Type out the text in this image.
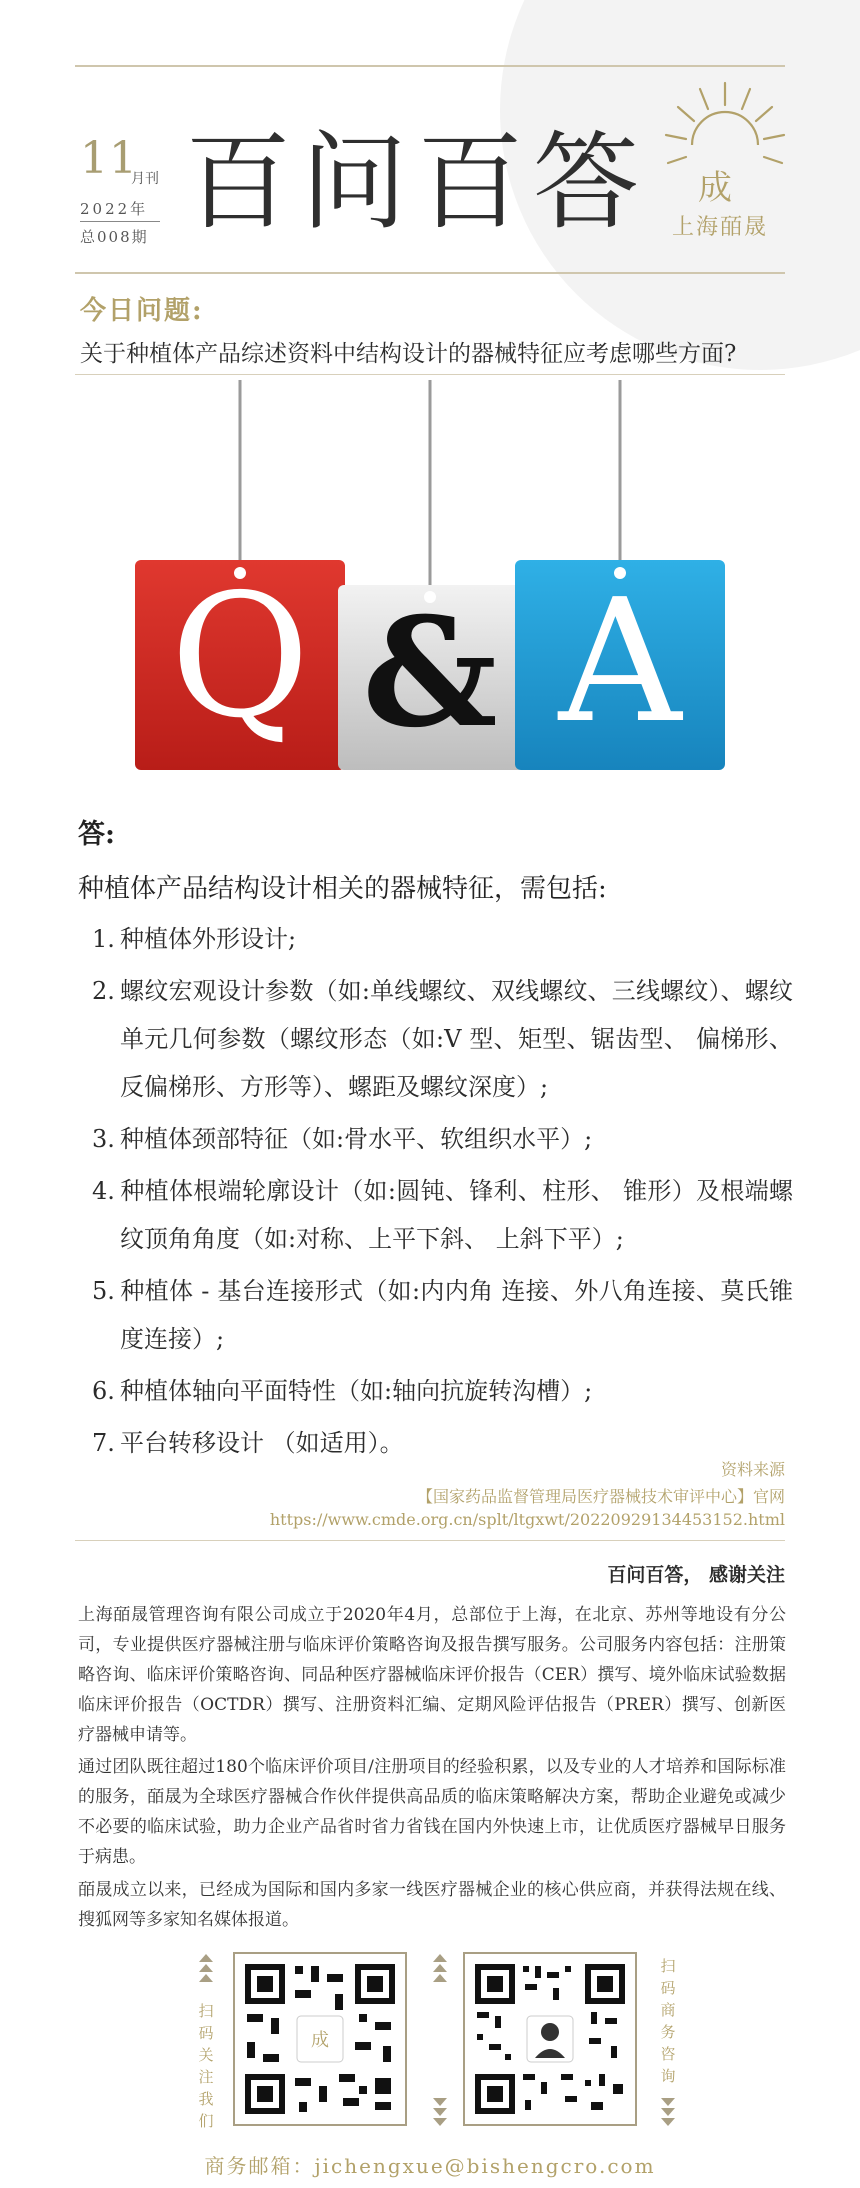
11
月刊
2022年
总008期 百问百答 成
上海皕晟
今日问题:
关于种植体产品综述资料中结构设计的器械特征应考虑哪些方面?
Q & A
答:
种植体产品结构设计相关的器械特征，需包括:
1. 种植体外形设计;
2. 螺纹宏观设计参数（如:单线螺纹、双线螺纹、三线螺纹）、螺纹单元几何参数（螺纹形态（如:V 型、矩型、锯齿型、 偏梯形、反偏梯形、方形等）、螺距及螺纹深度）;
3. 种植体颈部特征（如:骨水平、软组织水平）;
4. 种植体根端轮廓设计（如:圆钝、锋利、柱形、 锥形）及根端螺纹顶角角度（如:对称、上平下斜、 上斜下平）;
5. 种植体 - 基台连接形式（如:内内角 连接、外八角连接、莫氏锥度连接）;
6. 种植体轴向平面特性（如:轴向抗旋转沟槽）;
7. 平台转移设计 （如适用）。
资料来源
【国家药品监督管理局医疗器械技术审评中心】官网
https://www.cmde.org.cn/splt/ltgxwt/20220929134453152.html
百问百答， 感谢关注
上海皕晟管理咨询有限公司成立于2020年4月，总部位于上海，在北京、苏州等地设有分公司，专业提供医疗器械注册与临床评价策略咨询及报告撰写服务。公司服务内容包括：注册策略咨询、临床评价策略咨询、同品种医疗器械临床评价报告（CER）撰写、境外临床试验数据临床评价报告（OCTDR）撰写、注册资料汇编、定期风险评估报告（PRER）撰写、创新医疗器械申请等。
通过团队既往超过180个临床评价项目/注册项目的经验积累，以及专业的人才培养和国际标准的服务，皕晟为全球医疗器械合作伙伴提供高品质的临床策略解决方案，帮助企业避免或减少不必要的临床试验，助力企业产品省时省力省钱在国内外快速上市，让优质医疗器械早日服务于病患。
皕晟成立以来，已经成为国际和国内多家一线医疗器械企业的核心供应商，并获得法规在线、搜狐网等多家知名媒体报道。
扫码关注我们
扫码商务咨询
成
商务邮箱：jichengxue@bishengcro.com
